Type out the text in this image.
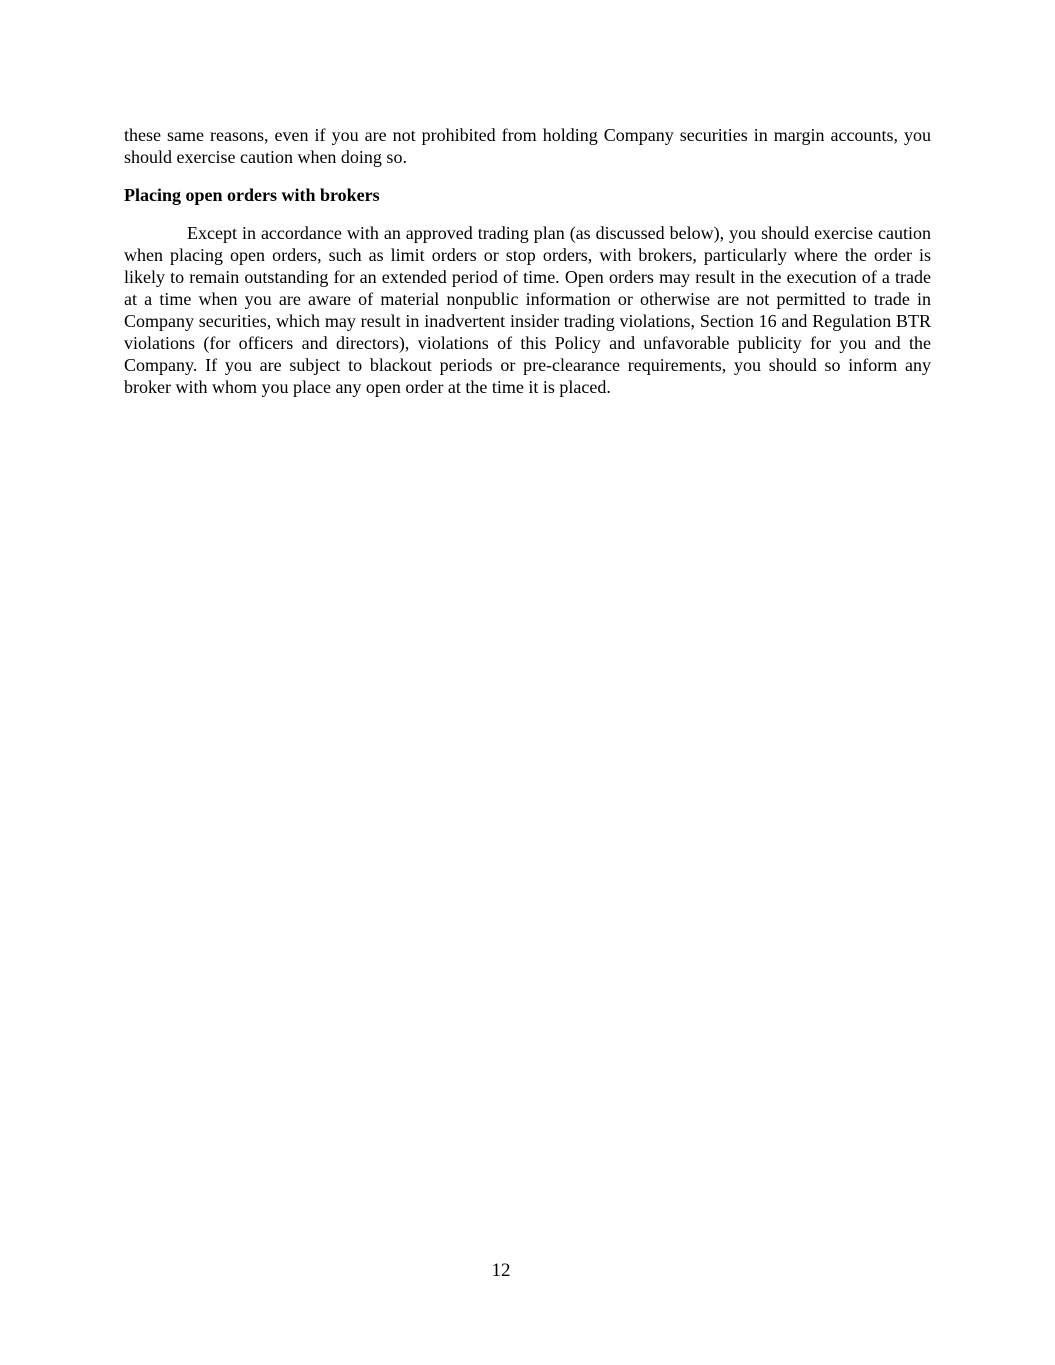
these same reasons, even if you are not prohibited from holding Company securities in margin accounts, you should exercise caution when doing so.

Placing open orders with brokers

Except in accordance with an approved trading plan (as discussed below), you should exercise caution when placing open orders, such as limit orders or stop orders, with brokers, particularly where the order is likely to remain outstanding for an extended period of time. Open orders may result in the execution of a trade at a time when you are aware of material nonpublic information or otherwise are not permitted to trade in Company securities, which may result in inadvertent insider trading violations, Section 16 and Regulation BTR violations (for officers and directors), violations of this Policy and unfavorable publicity for you and the Company. If you are subject to blackout periods or pre-clearance requirements, you should so inform any broker with whom you place any open order at the time it is placed.

12
